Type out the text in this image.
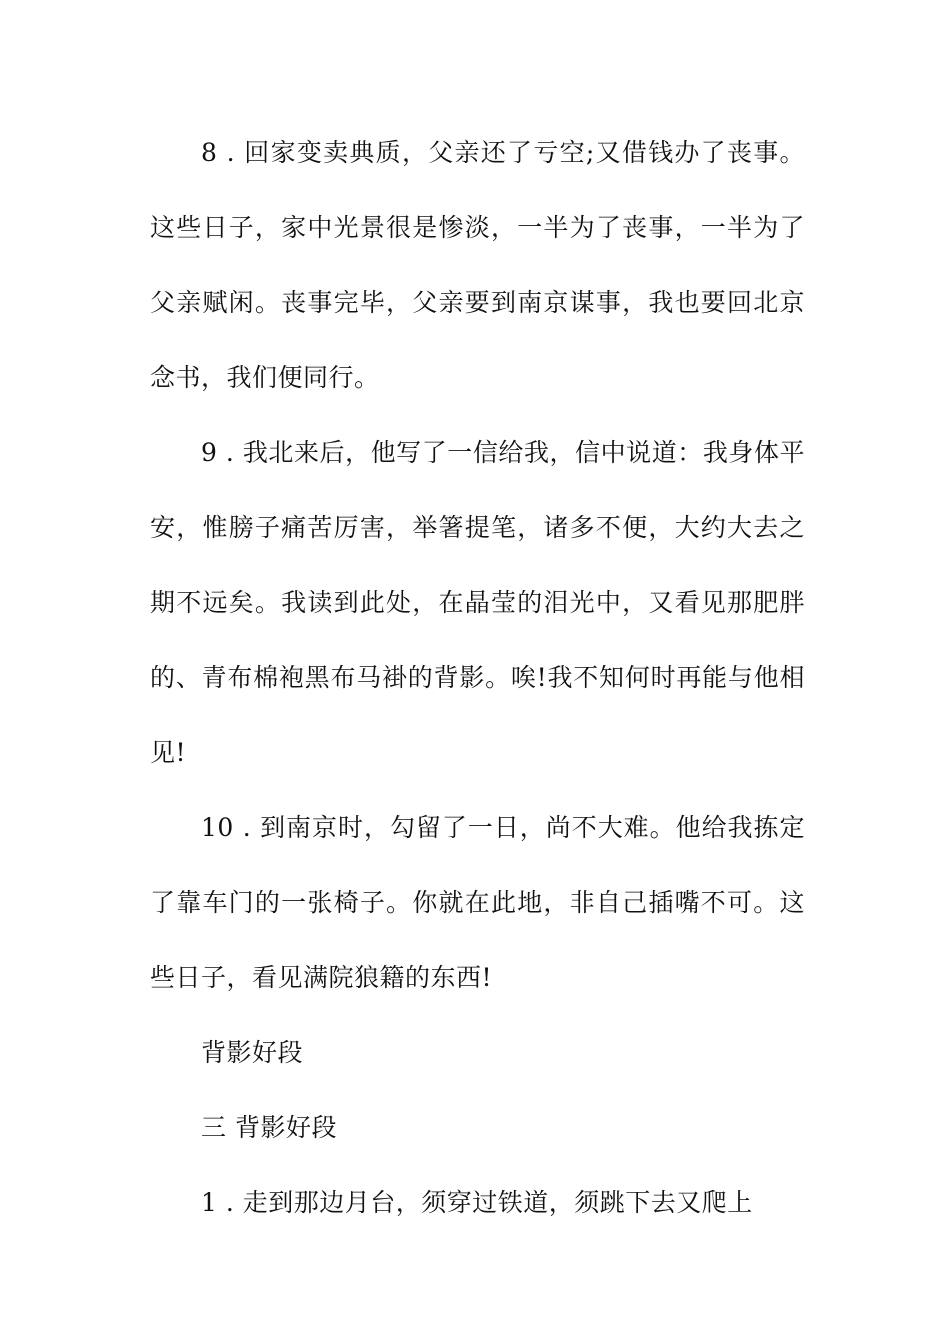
8 . 回家变卖典质，父亲还了亏空;又借钱办了丧事。这些日子，家中光景很是惨淡，一半为了丧事，一半为了父亲赋闲。丧事完毕，父亲要到南京谋事，我也要回北京念书，我们便同行。

9 . 我北来后，他写了一信给我，信中说道：我身体平安，惟膀子痛苦厉害，举箸提笔，诸多不便，大约大去之期不远矣。我读到此处，在晶莹的泪光中，又看见那肥胖的、青布棉袍黑布马褂的背影。唉!我不知何时再能与他相见!

10 . 到南京时，勾留了一日，尚不大难。他给我拣定了靠车门的一张椅子。你就在此地，非自己插嘴不可。这些日子，看见满院狼籍的东西!

背影好段

三 背影好段

1 . 走到那边月台，须穿过铁道，须跳下去又爬上
